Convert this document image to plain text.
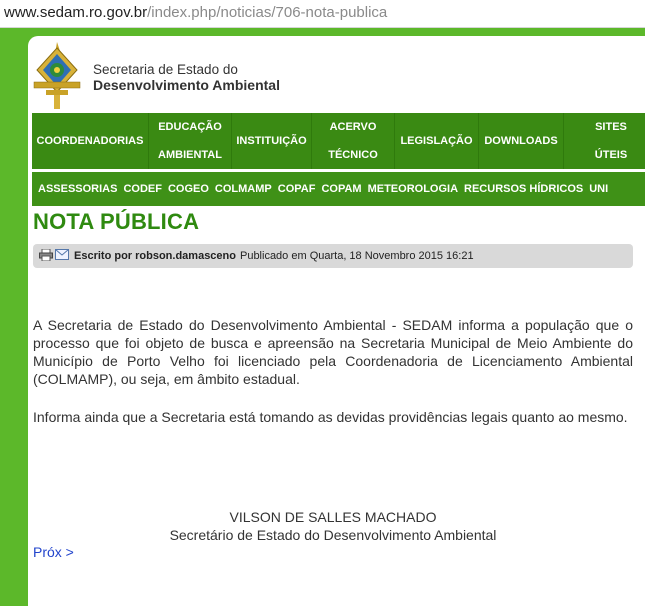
www.sedam.ro.gov.br/index.php/noticias/706-nota-publica
Secretaria de Estado do
Desenvolvimento Ambiental
COORDENADORIAS
EDUCAÇÃO
AMBIENTAL
INSTITUIÇÃO
ACERVO
TÉCNICO
LEGISLAÇÃO DOWNLOADS
SITES
ÚTEIS
ASSESSORIAS CODEF COGEO COLMAMP COPAF COPAM METEOROLOGIA RECURSOS HÍDRICOS UNI
NOTA PÚBLICA
Escrito por robson.damasceno Publicado em Quarta, 18 Novembro 2015 16:21

A Secretaria de Estado do Desenvolvimento Ambiental - SEDAM informa a população que o processo que foi objeto de busca e apreensão na Secretaria Municipal de Meio Ambiente do Município de Porto Velho foi licenciado pela Coordenadoria de Licenciamento Ambiental (COLMAMP), ou seja, em âmbito estadual.

Informa ainda que a Secretaria está tomando as devidas providências legais quanto ao mesmo.

VILSON DE SALLES MACHADO
Secretário de Estado do Desenvolvimento Ambiental
Próx >
